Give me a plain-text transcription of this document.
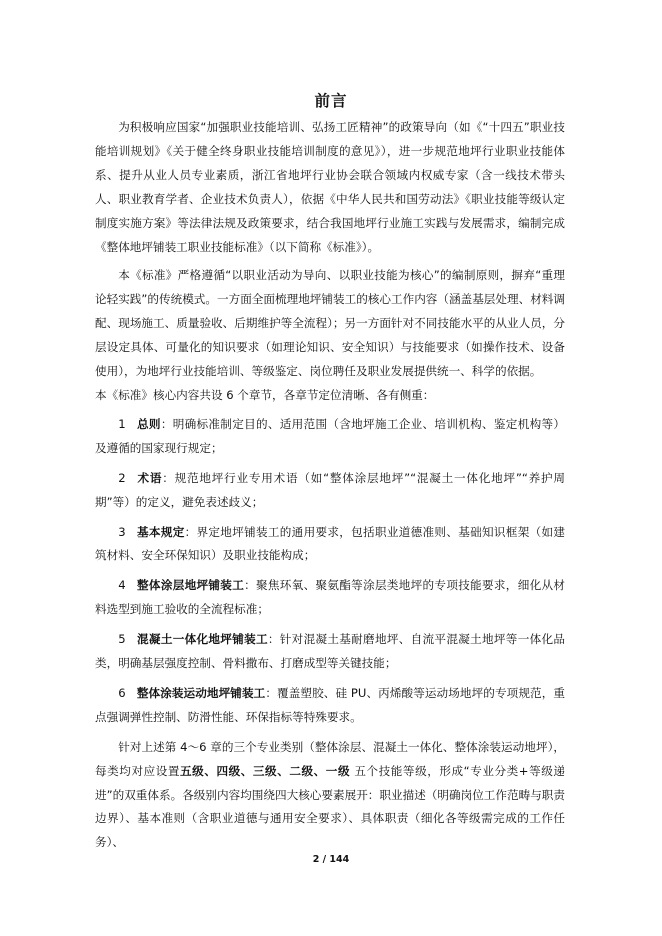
前言

为积极响应国家“加强职业技能培训、弘扬工匠精神”的政策导向（如《“十四五”职业技能培训规划》《关于健全终身职业技能培训制度的意见》），进一步规范地坪行业职业技能体系、提升从业人员专业素质，浙江省地坪行业协会联合领域内权威专家（含一线技术带头人、职业教育学者、企业技术负责人），依据《中华人民共和国劳动法》《职业技能等级认定制度实施方案》等法律法规及政策要求，结合我国地坪行业施工实践与发展需求，编制完成《整体地坪铺装工职业技能标准》（以下简称《标准》）。

本《标准》严格遵循“以职业活动为导向、以职业技能为核心”的编制原则，摒弃“重理论轻实践”的传统模式。一方面全面梳理地坪铺装工的核心工作内容（涵盖基层处理、材料调配、现场施工、质量验收、后期维护等全流程）；另一方面针对不同技能水平的从业人员，分层设定具体、可量化的知识要求（如理论知识、安全知识）与技能要求（如操作技术、设备使用），为地坪行业技能培训、等级鉴定、岗位聘任及职业发展提供统一、科学的依据。

本《标准》核心内容共设 6 个章节，各章节定位清晰、各有侧重：

1 总则：明确标准制定目的、适用范围（含地坪施工企业、培训机构、鉴定机构等）及遵循的国家现行规定；

2 术语：规范地坪行业专用术语（如“整体涂层地坪”“混凝土一体化地坪”“养护周期”等）的定义，避免表述歧义；

3 基本规定：界定地坪铺装工的通用要求，包括职业道德准则、基础知识框架（如建筑材料、安全环保知识）及职业技能构成；

4 整体涂层地坪铺装工：聚焦环氧、聚氨酯等涂层类地坪的专项技能要求，细化从材料选型到施工验收的全流程标准；

5 混凝土一体化地坪铺装工：针对混凝土基耐磨地坪、自流平混凝土地坪等一体化品类，明确基层强度控制、骨料撒布、打磨成型等关键技能；

6 整体涂装运动地坪铺装工：覆盖塑胶、硅 PU、丙烯酸等运动场地坪的专项规范，重点强调弹性控制、防滑性能、环保指标等特殊要求。

针对上述第 4～6 章的三个专业类别（整体涂层、混凝土一体化、整体涂装运动地坪），每类均对应设置五级、四级、三级、二级、一级 五个技能等级，形成“专业分类+等级递进”的双重体系。各级别内容均围绕四大核心要素展开：职业描述（明确岗位工作范畴与职责边界）、基本准则（含职业道德与通用安全要求）、具体职责（细化各等级需完成的工作任务）、

2 / 144
